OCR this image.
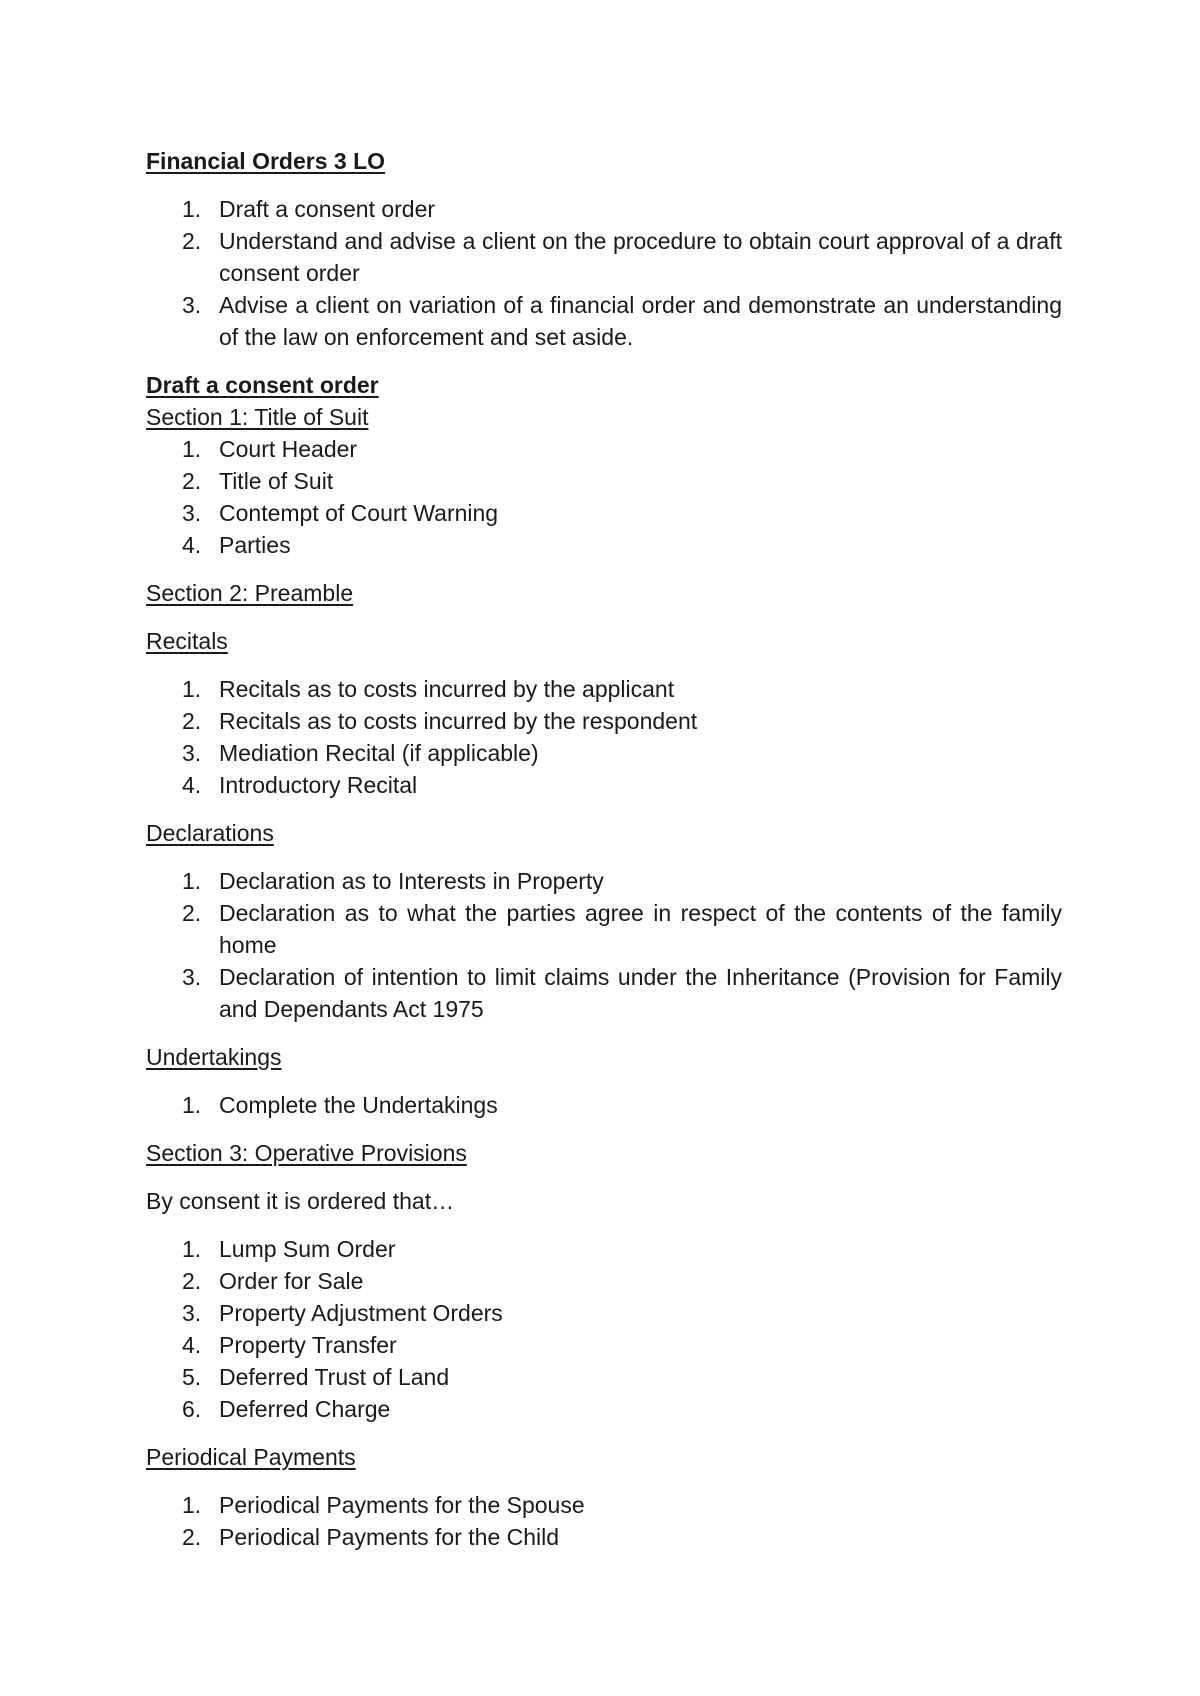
Financial Orders 3 LO

1. Draft a consent order
2. Understand and advise a client on the procedure to obtain court approval of a draft consent order
3. Advise a client on variation of a financial order and demonstrate an understanding of the law on enforcement and set aside.

Draft a consent order

Section 1: Title of Suit

1. Court Header
2. Title of Suit
3. Contempt of Court Warning
4. Parties

Section 2: Preamble

Recitals

1. Recitals as to costs incurred by the applicant
2. Recitals as to costs incurred by the respondent
3. Mediation Recital (if applicable)
4. Introductory Recital

Declarations

1. Declaration as to Interests in Property
2. Declaration as to what the parties agree in respect of the contents of the family home
3. Declaration of intention to limit claims under the Inheritance (Provision for Family and Dependants Act 1975

Undertakings

1. Complete the Undertakings

Section 3: Operative Provisions

By consent it is ordered that…

1. Lump Sum Order
2. Order for Sale
3. Property Adjustment Orders
4. Property Transfer
5. Deferred Trust of Land
6. Deferred Charge

Periodical Payments

1. Periodical Payments for the Spouse
2. Periodical Payments for the Child
